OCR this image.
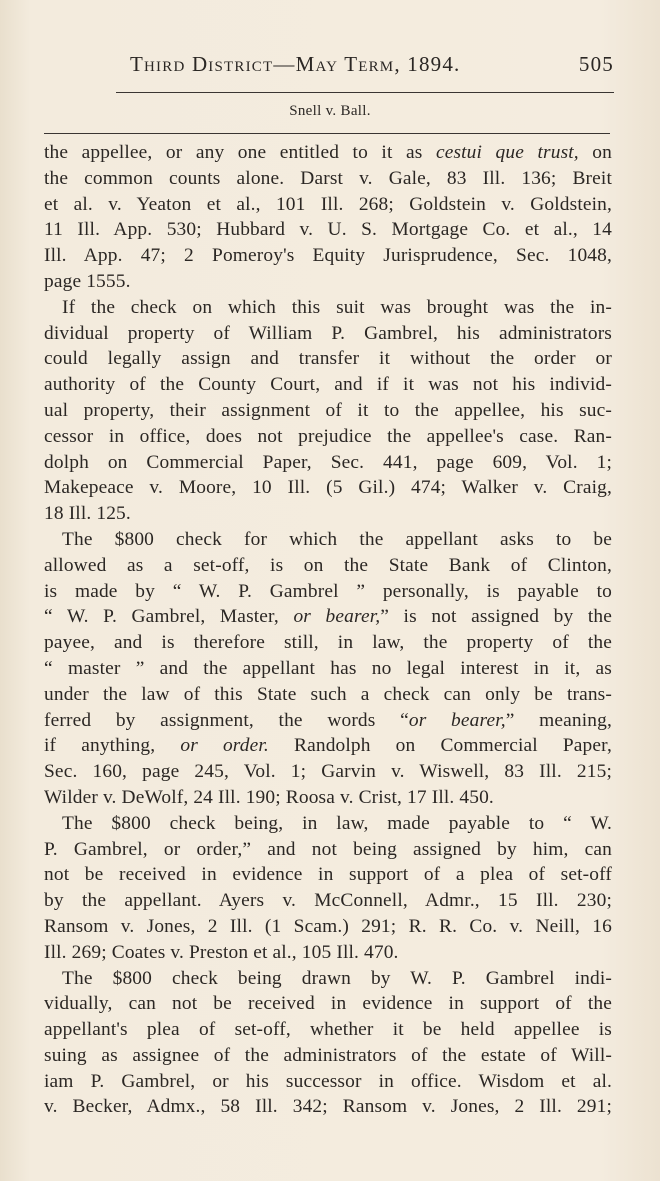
Third District—May Term, 1894.	505
Snell v. Ball.
the appellee, or any one entitled to it as cestui que trust, on
the common counts alone. Darst v. Gale, 83 Ill. 136; Breit
et al. v. Yeaton et al., 101 Ill. 268; Goldstein v. Goldstein,
11 Ill. App. 530; Hubbard v. U. S. Mortgage Co. et al., 14
Ill. App. 47; 2 Pomeroy's Equity Jurisprudence, Sec. 1048,
page 1555.
If the check on which this suit was brought was the in-
dividual property of William P. Gambrel, his administrators
could legally assign and transfer it without the order or
authority of the County Court, and if it was not his individ-
ual property, their assignment of it to the appellee, his suc-
cessor in office, does not prejudice the appellee's case. Ran-
dolph on Commercial Paper, Sec. 441, page 609, Vol. 1;
Makepeace v. Moore, 10 Ill. (5 Gil.) 474; Walker v. Craig,
18 Ill. 125.
The $800 check for which the appellant asks to be
allowed as a set-off, is on the State Bank of Clinton,
is made by “ W. P. Gambrel ” personally, is payable to
“ W. P. Gambrel, Master, or bearer,” is not assigned by the
payee, and is therefore still, in law, the property of the
“ master ” and the appellant has no legal interest in it, as
under the law of this State such a check can only be trans-
ferred by assignment, the words “or bearer,” meaning,
if anything, or order. Randolph on Commercial Paper,
Sec. 160, page 245, Vol. 1; Garvin v. Wiswell, 83 Ill. 215;
Wilder v. DeWolf, 24 Ill. 190; Roosa v. Crist, 17 Ill. 450.
The $800 check being, in law, made payable to “ W.
P. Gambrel, or order,” and not being assigned by him, can
not be received in evidence in support of a plea of set-off
by the appellant. Ayers v. McConnell, Admr., 15 Ill. 230;
Ransom v. Jones, 2 Ill. (1 Scam.) 291; R. R. Co. v. Neill, 16
Ill. 269; Coates v. Preston et al., 105 Ill. 470.
The $800 check being drawn by W. P. Gambrel indi-
vidually, can not be received in evidence in support of the
appellant's plea of set-off, whether it be held appellee is
suing as assignee of the administrators of the estate of Will-
iam P. Gambrel, or his successor in office. Wisdom et al.
v. Becker, Admx., 58 Ill. 342; Ransom v. Jones, 2 Ill. 291;
